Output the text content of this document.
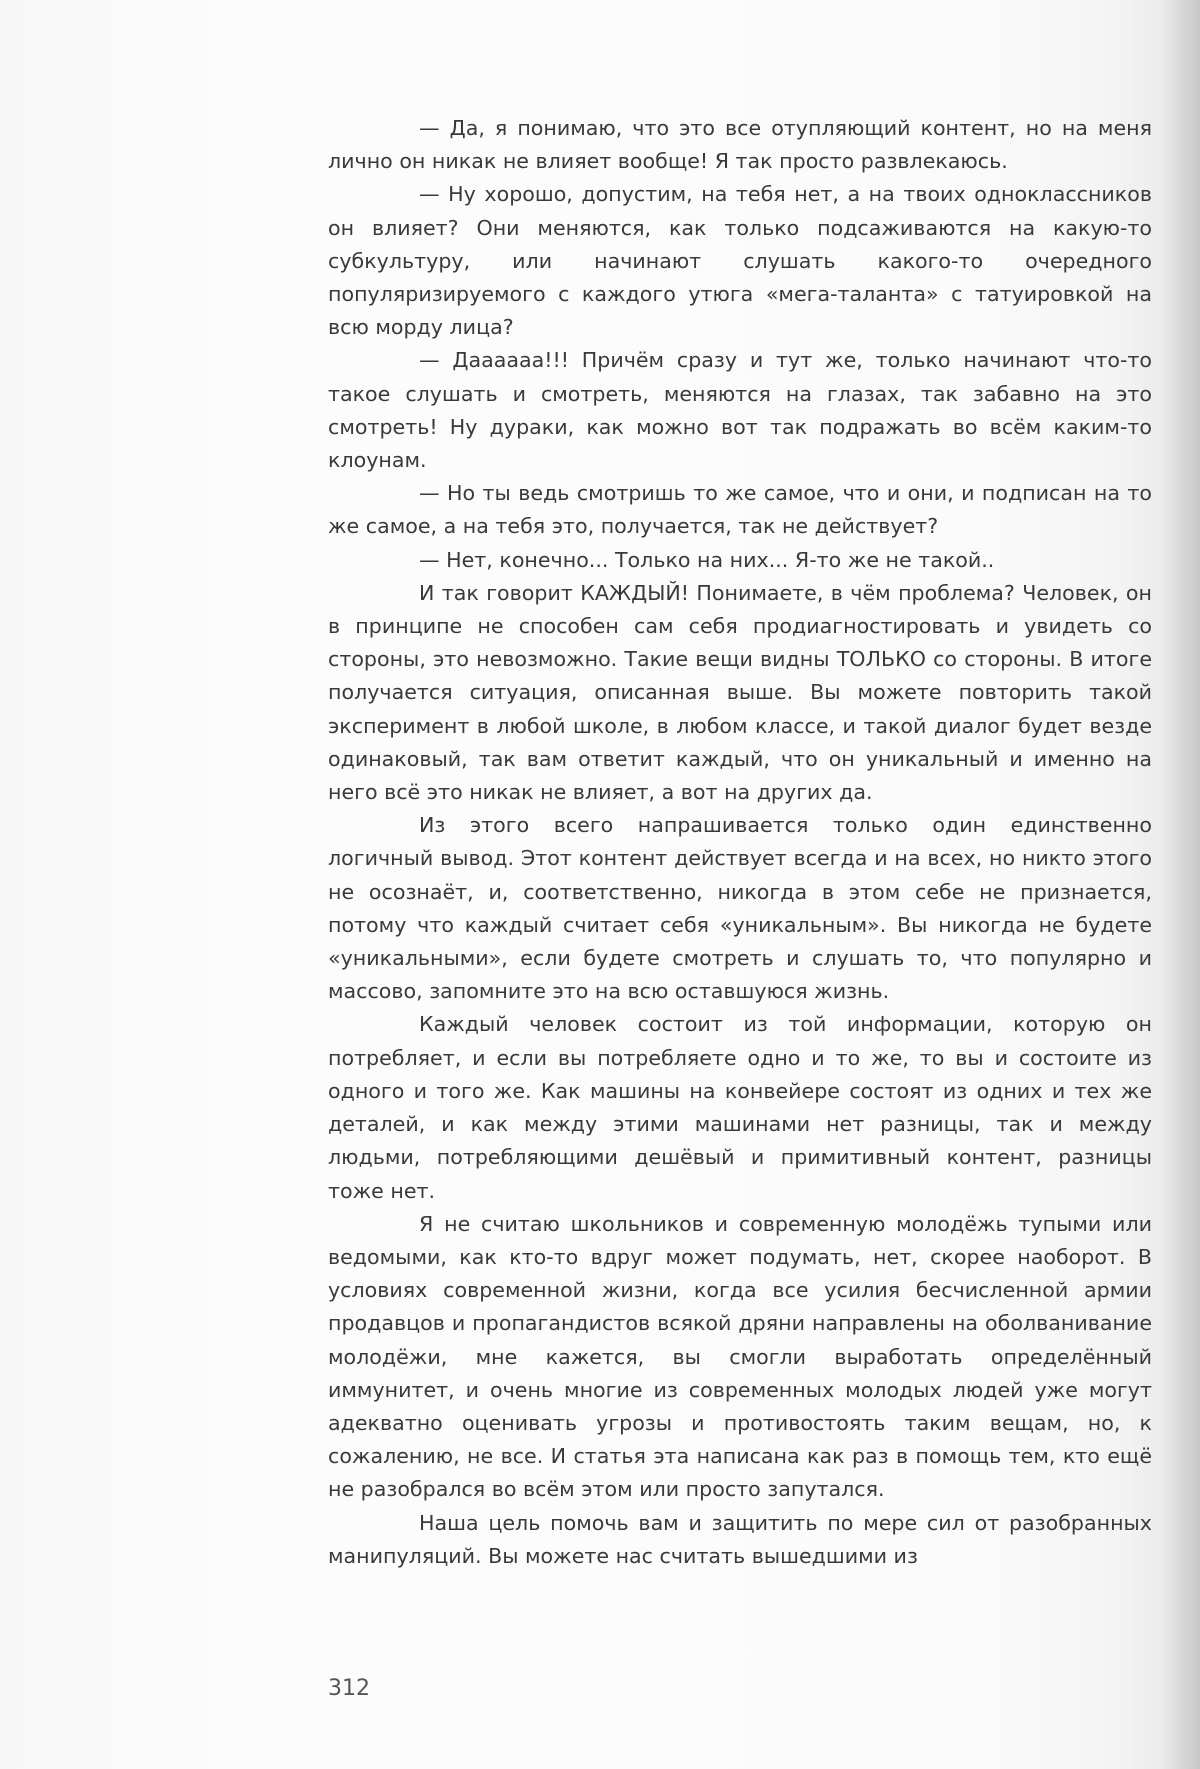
— Да, я понимаю, что это все отупляющий контент, но на меня лично он никак не влияет вообще! Я так просто развлекаюсь.

— Ну хорошо, допустим, на тебя нет, а на твоих одноклассников он влияет? Они меняются, как только подсаживаются на какую-то субкультуру, или начинают слушать какого-то очередного популяризируемого с каждого утюга «мега-таланта» с татуировкой на всю морду лица?

— Даааааа!!! Причём сразу и тут же, только начинают что-то такое слушать и смотреть, меняются на глазах, так забавно на это смотреть! Ну дураки, как можно вот так подражать во всём каким-то клоунам.

— Но ты ведь смотришь то же самое, что и они, и подписан на то же самое, а на тебя это, получается, так не действует?

— Нет, конечно... Только на них... Я-то же не такой..

И так говорит КАЖДЫЙ! Понимаете, в чём проблема? Человек, он в принципе не способен сам себя продиагностировать и увидеть со стороны, это невозможно. Такие вещи видны ТОЛЬКО со стороны. В итоге получается ситуация, описанная выше. Вы можете повторить такой эксперимент в любой школе, в любом классе, и такой диалог будет везде одинаковый, так вам ответит каждый, что он уникальный и именно на него всё это никак не влияет, а вот на других да.

Из этого всего напрашивается только один единственно логичный вывод. Этот контент действует всегда и на всех, но никто этого не осознаёт, и, соответственно, никогда в этом себе не признается, потому что каждый считает себя «уникальным». Вы никогда не будете «уникальными», если будете смотреть и слушать то, что популярно и массово, запомните это на всю оставшуюся жизнь.

Каждый человек состоит из той информации, которую он потребляет, и если вы потребляете одно и то же, то вы и состоите из одного и того же. Как машины на конвейере состоят из одних и тех же деталей, и как между этими машинами нет разницы, так и между людьми, потребляющими дешёвый и примитивный контент, разницы тоже нет.

Я не считаю школьников и современную молодёжь тупыми или ведомыми, как кто-то вдруг может подумать, нет, скорее наоборот. В условиях современной жизни, когда все усилия бесчисленной армии продавцов и пропагандистов всякой дряни направлены на оболванивание молодёжи, мне кажется, вы смогли выработать определённый иммунитет, и очень многие из современных молодых людей уже могут адекватно оценивать угрозы и противостоять таким вещам, но, к сожалению, не все. И статья эта написана как раз в помощь тем, кто ещё не разобрался во всём этом или просто запутался.

Наша цель помочь вам и защитить по мере сил от разобранных манипуляций. Вы можете нас считать вышедшими из

312
